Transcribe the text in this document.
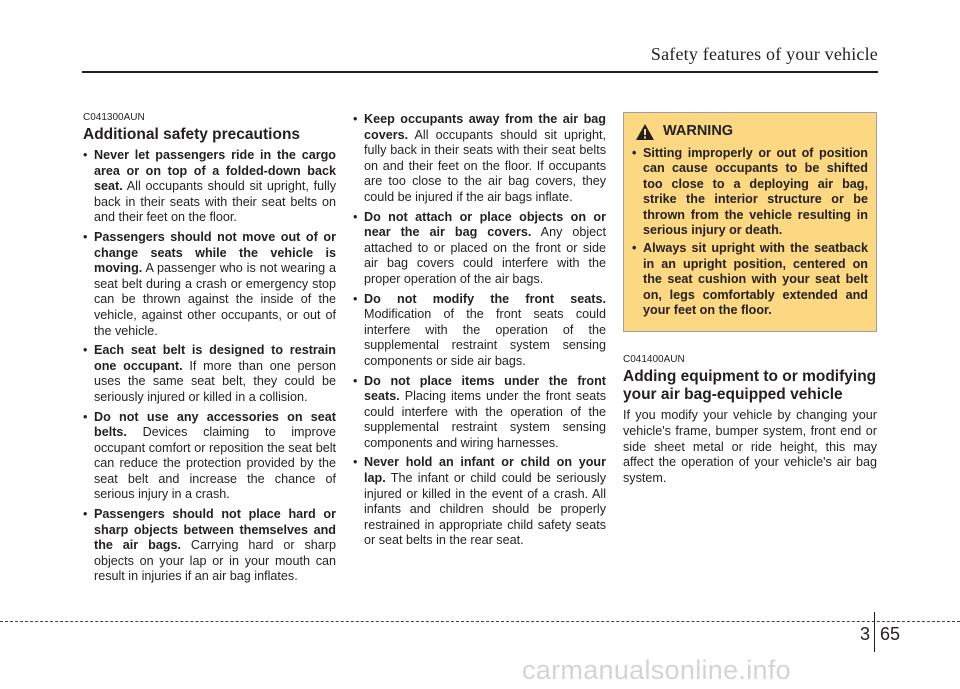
Safety features of your vehicle
C041300AUN
Additional safety precautions
• Never let passengers ride in the cargo area or on top of a folded-down back seat. All occupants should sit upright, fully back in their seats with their seat belts on and their feet on the floor.
• Passengers should not move out of or change seats while the vehicle is moving. A passenger who is not wearing a seat belt during a crash or emergency stop can be thrown against the inside of the vehicle, against other occupants, or out of the vehicle.
• Each seat belt is designed to restrain one occupant. If more than one person uses the same seat belt, they could be seriously injured or killed in a collision.
• Do not use any accessories on seat belts. Devices claiming to improve occupant comfort or reposition the seat belt can reduce the protection provided by the seat belt and increase the chance of serious injury in a crash.
• Passengers should not place hard or sharp objects between themselves and the air bags. Carrying hard or sharp objects on your lap or in your mouth can result in injuries if an air bag inflates.
• Keep occupants away from the air bag covers. All occupants should sit upright, fully back in their seats with their seat belts on and their feet on the floor. If occupants are too close to the air bag covers, they could be injured if the air bags inflate.
• Do not attach or place objects on or near the air bag covers. Any object attached to or placed on the front or side air bag covers could interfere with the proper operation of the air bags.
• Do not modify the front seats. Modification of the front seats could interfere with the operation of the supplemental restraint system sensing components or side air bags.
• Do not place items under the front seats. Placing items under the front seats could interfere with the operation of the supplemental restraint system sensing components and wiring harnesses.
• Never hold an infant or child on your lap. The infant or child could be seriously injured or killed in the event of a crash. All infants and children should be properly restrained in appropriate child safety seats or seat belts in the rear seat.
WARNING
• Sitting improperly or out of position can cause occupants to be shifted too close to a deploying air bag, strike the interior structure or be thrown from the vehicle resulting in serious injury or death.
• Always sit upright with the seatback in an upright position, centered on the seat cushion with your seat belt on, legs comfortably extended and your feet on the floor.
C041400AUN
Adding equipment to or modifying your air bag-equipped vehicle

If you modify your vehicle by changing your vehicle's frame, bumper system, front end or side sheet metal or ride height, this may affect the operation of your vehicle's air bag system.

3 65
carmanualsonline.info
